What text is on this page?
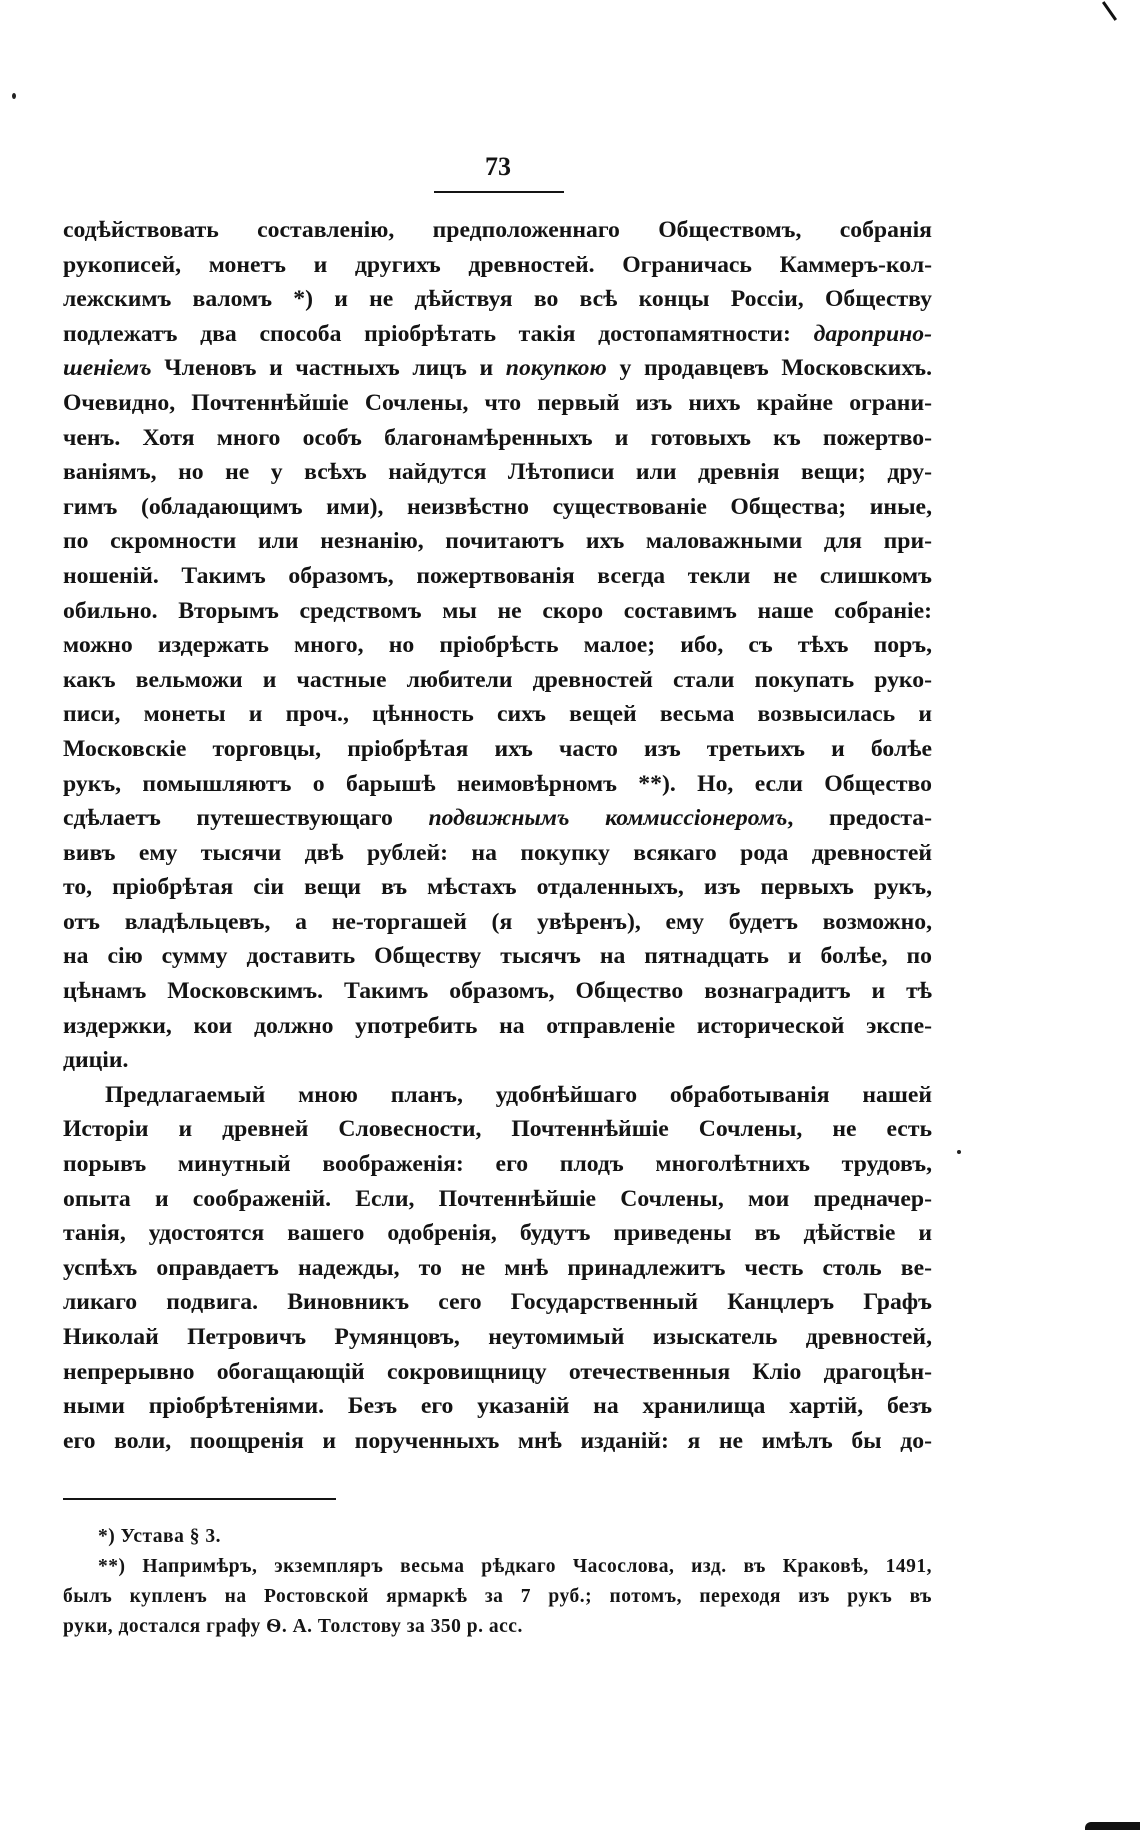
73
содѣйствовать составленію, предположеннаго Обществомъ, собранія
рукописей, монетъ и другихъ древностей. Ограничась Каммеръ-кол-
лежскимъ валомъ *) и не дѣйствуя во всѣ концы Россіи, Обществу
подлежатъ два способа пріобрѣтать такія достопамятности: дароприно-
шеніемъ Членовъ и частныхъ лицъ и покупкою у продавцевъ Московскихъ.
Очевидно, Почтеннѣйшіе Сочлены, что первый изъ нихъ крайне ограни-
ченъ. Хотя много особъ благонамѣренныхъ и готовыхъ къ пожертво-
ваніямъ, но не у всѣхъ найдутся Лѣтописи или древнія вещи; дру-
гимъ (обладающимъ ими), неизвѣстно существованіе Общества; иные,
по скромности или незнанію, почитаютъ ихъ маловажными для при-
ношеній. Такимъ образомъ, пожертвованія всегда текли не слишкомъ
обильно. Вторымъ средствомъ мы не скоро составимъ наше собраніе:
можно издержать много, но пріобрѣсть малое; ибо, съ тѣхъ поръ,
какъ вельможи и частные любители древностей стали покупать руко-
писи, монеты и проч., цѣнность сихъ вещей весьма возвысилась и
Московскіе торговцы, пріобрѣтая ихъ часто изъ третьихъ и болѣе
рукъ, помышляютъ о барышѣ неимовѣрномъ **). Но, если Общество
сдѣлаетъ путешествующаго подвижнымъ коммиссіонеромъ, предоста-
вивъ ему тысячи двѣ рублей: на покупку всякаго рода древностей
то, пріобрѣтая сіи вещи въ мѣстахъ отдаленныхъ, изъ первыхъ рукъ,
отъ владѣльцевъ, а не-торгашей (я увѣренъ), ему будетъ возможно,
на сію сумму доставить Обществу тысячъ на пятнадцать и болѣе, по
цѣнамъ Московскимъ. Такимъ образомъ, Общество вознаградитъ и тѣ
издержки, кои должно употребить на отправленіе исторической экспе-
диціи.
Предлагаемый мною планъ, удобнѣйшаго обработыванія нашей
Исторіи и древней Словесности, Почтеннѣйшіе Сочлены, не есть
порывъ минутный воображенія: его плодъ многолѣтнихъ трудовъ,
опыта и соображеній. Если, Почтеннѣйшіе Сочлены, мои предначер-
танія, удостоятся вашего одобренія, будутъ приведены въ дѣйствіе и
успѣхъ оправдаетъ надежды, то не мнѣ принадлежитъ честь столь ве-
ликаго подвига. Виновникъ сего Государственный Канцлеръ Графъ
Николай Петровичъ Румянцовъ, неутомимый изыскатель древностей,
непрерывно обогащающій сокровищницу отечественныя Кліо драгоцѣн-
ными пріобрѣтеніями. Безъ его указаній на хранилища хартій, безъ
его воли, поощренія и порученныхъ мнѣ изданій: я не имѣлъ бы до-
*) Устава § 3.
**) Напримѣръ, экземпляръ весьма рѣдкаго Часослова, изд. въ Краковѣ, 1491,
былъ купленъ на Ростовской ярмаркѣ за 7 руб.; потомъ, переходя изъ рукъ въ
руки, достался графу Ѳ. А. Толстову за 350 р. асс.
